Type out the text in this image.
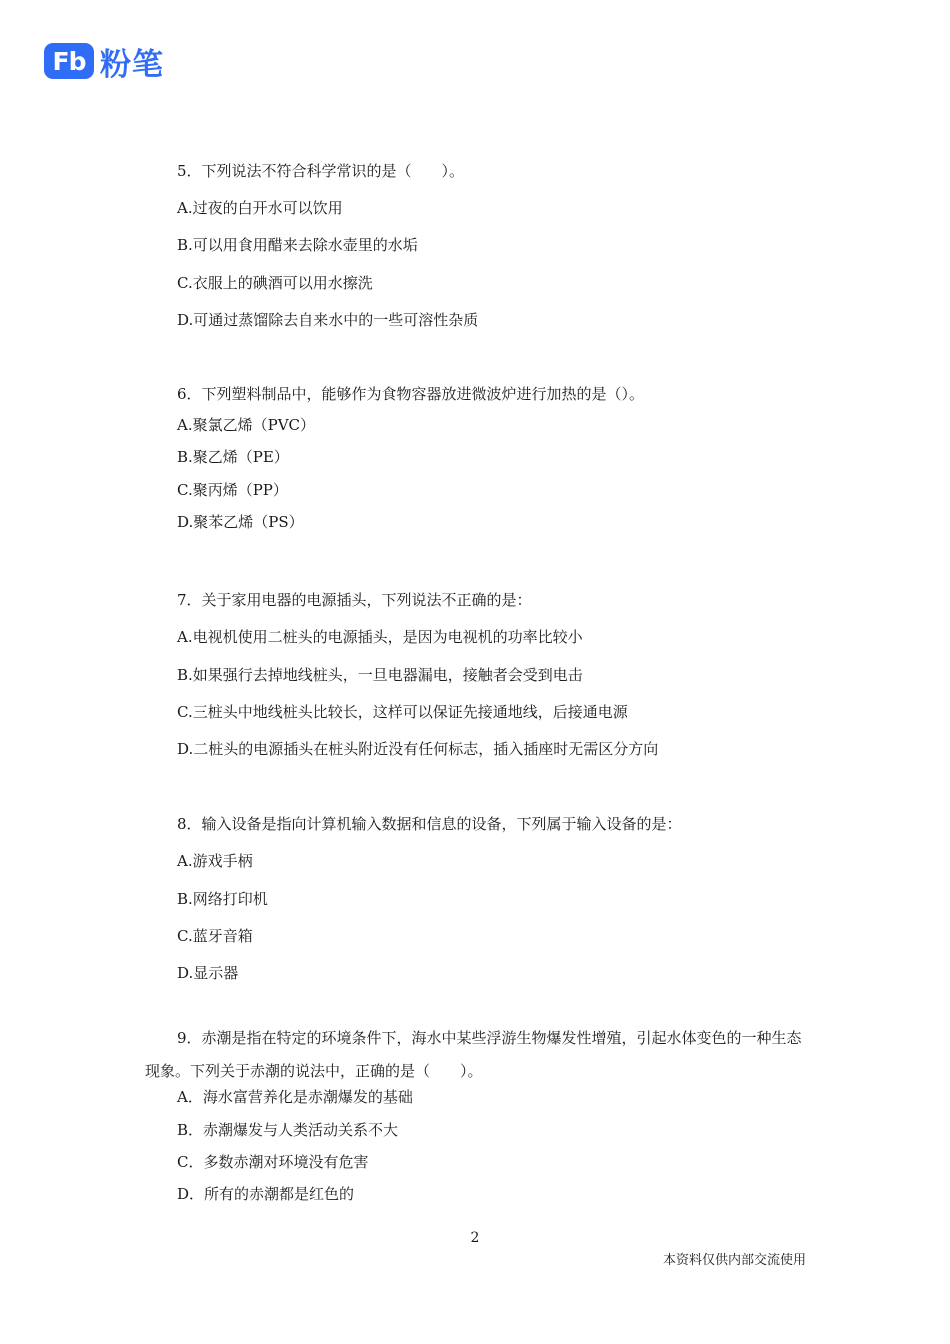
Fb 粉笔
5．下列说法不符合科学常识的是（　　）。
A.过夜的白开水可以饮用
B.可以用食用醋来去除水壶里的水垢
C.衣服上的碘酒可以用水擦洗
D.可通过蒸馏除去自来水中的一些可溶性杂质
6．下列塑料制品中，能够作为食物容器放进微波炉进行加热的是（）。
A.聚氯乙烯（PVC）
B.聚乙烯（PE）
C.聚丙烯（PP）
D.聚苯乙烯（PS）
7．关于家用电器的电源插头，下列说法不正确的是：
A.电视机使用二桩头的电源插头，是因为电视机的功率比较小
B.如果强行去掉地线桩头，一旦电器漏电，接触者会受到电击
C.三桩头中地线桩头比较长，这样可以保证先接通地线，后接通电源
D.二桩头的电源插头在桩头附近没有任何标志，插入插座时无需区分方向
8．输入设备是指向计算机输入数据和信息的设备，下列属于输入设备的是：
A.游戏手柄
B.网络打印机
C.蓝牙音箱
D.显示器
9．赤潮是指在特定的环境条件下，海水中某些浮游生物爆发性增殖，引起水体变色的一种生态现象。下列关于赤潮的说法中，正确的是（　　）。
A．海水富营养化是赤潮爆发的基础
B．赤潮爆发与人类活动关系不大
C．多数赤潮对环境没有危害
D．所有的赤潮都是红色的
2
本资料仅供内部交流使用
